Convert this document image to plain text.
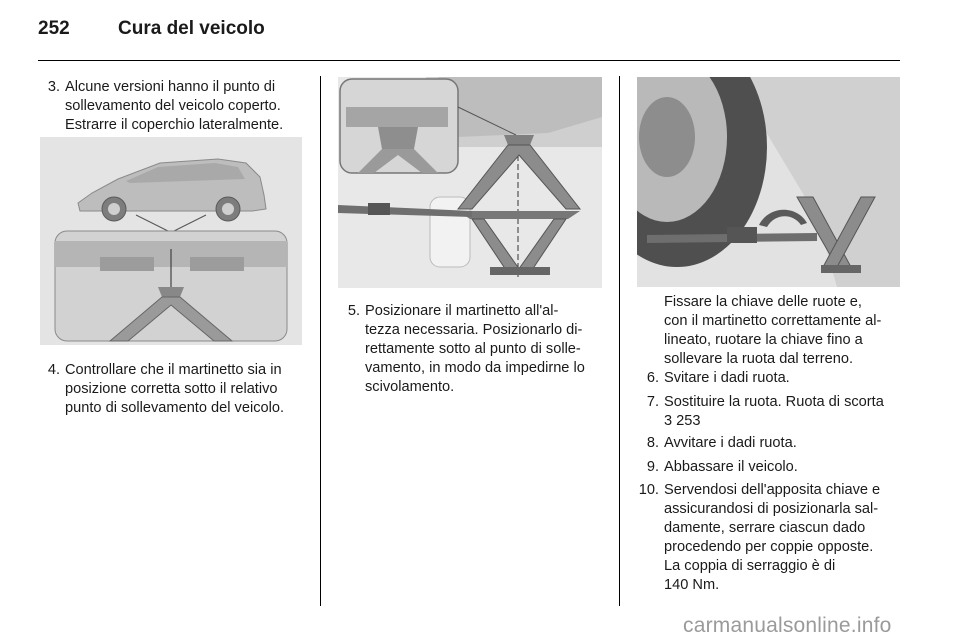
252	Cura del veicolo
3. Alcune versioni hanno il punto di
sollevamento del veicolo coperto.
Estrarre il coperchio lateralmente.
4. Controllare che il martinetto sia in
posizione corretta sotto il relativo
punto di sollevamento del veicolo.
5. Posizionare il martinetto all'al-
tezza necessaria. Posizionarlo di-
rettamente sotto al punto di solle-
vamento, in modo da impedirne lo
scivolamento.
Fissare la chiave delle ruote e,
con il martinetto correttamente al-
lineato, ruotare la chiave fino a
sollevare la ruota dal terreno.
6. Svitare i dadi ruota.
7. Sostituire la ruota. Ruota di scorta
3 253
8. Avvitare i dadi ruota.
9. Abbassare il veicolo.
10. Servendosi dell'apposita chiave e
assicurandosi di posizionarla sal-
damente, serrare ciascun dado
procedendo per coppie opposte.
La coppia di serraggio è di
140 Nm.
carmanualsonline.info
